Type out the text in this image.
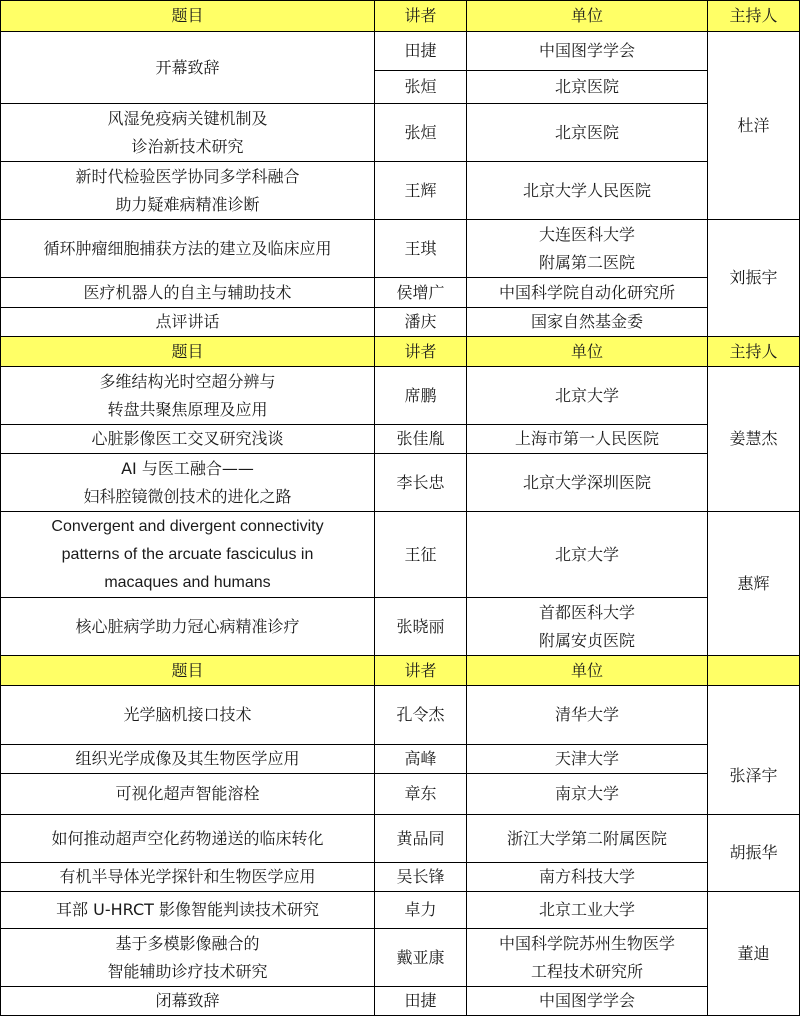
题目	讲者	单位	主持人

开幕致辞	田捷	中国图学学会	杜洋
	张烜	北京医院	

风湿免疫病关键机制及
诊治新技术研究	张烜	北京医院	

新时代检验医学协同多学科融合
助力疑难病精准诊断	王辉	北京大学人民医院	

循环肿瘤细胞捕获方法的建立及临床应用	王琪	大连医科大学
附属第二医院	刘振宇

医疗机器人的自主与辅助技术	侯增广	中国科学院自动化研究所	

点评讲话	潘庆	国家自然基金委	

题目	讲者	单位	主持人

多维结构光时空超分辨与
转盘共聚焦原理及应用	席鹏	北京大学	姜慧杰

心脏影像医工交叉研究浅谈	张佳胤	上海市第一人民医院	

AI 与医工融合——
妇科腔镜微创技术的进化之路	李长忠	北京大学深圳医院	

Convergent and divergent connectivity
patterns of the arcuate fasciculus in
macaques and humans	王征	北京大学	惠辉

核心脏病学助力冠心病精准诊疗	张晓丽	首都医科大学
附属安贞医院	

题目	讲者	单位	

光学脑机接口技术	孔令杰	清华大学	张泽宇

组织光学成像及其生物医学应用	高峰	天津大学	

可视化超声智能溶栓	章东	南京大学	

如何推动超声空化药物递送的临床转化	黄品同	浙江大学第二附属医院	胡振华

有机半导体光学探针和生物医学应用	吴长锋	南方科技大学	

耳部 U-HRCT 影像智能判读技术研究	卓力	北京工业大学	董迪

基于多模影像融合的
智能辅助诊疗技术研究	戴亚康	中国科学院苏州生物医学
工程技术研究所	

闭幕致辞	田捷	中国图学学会	
